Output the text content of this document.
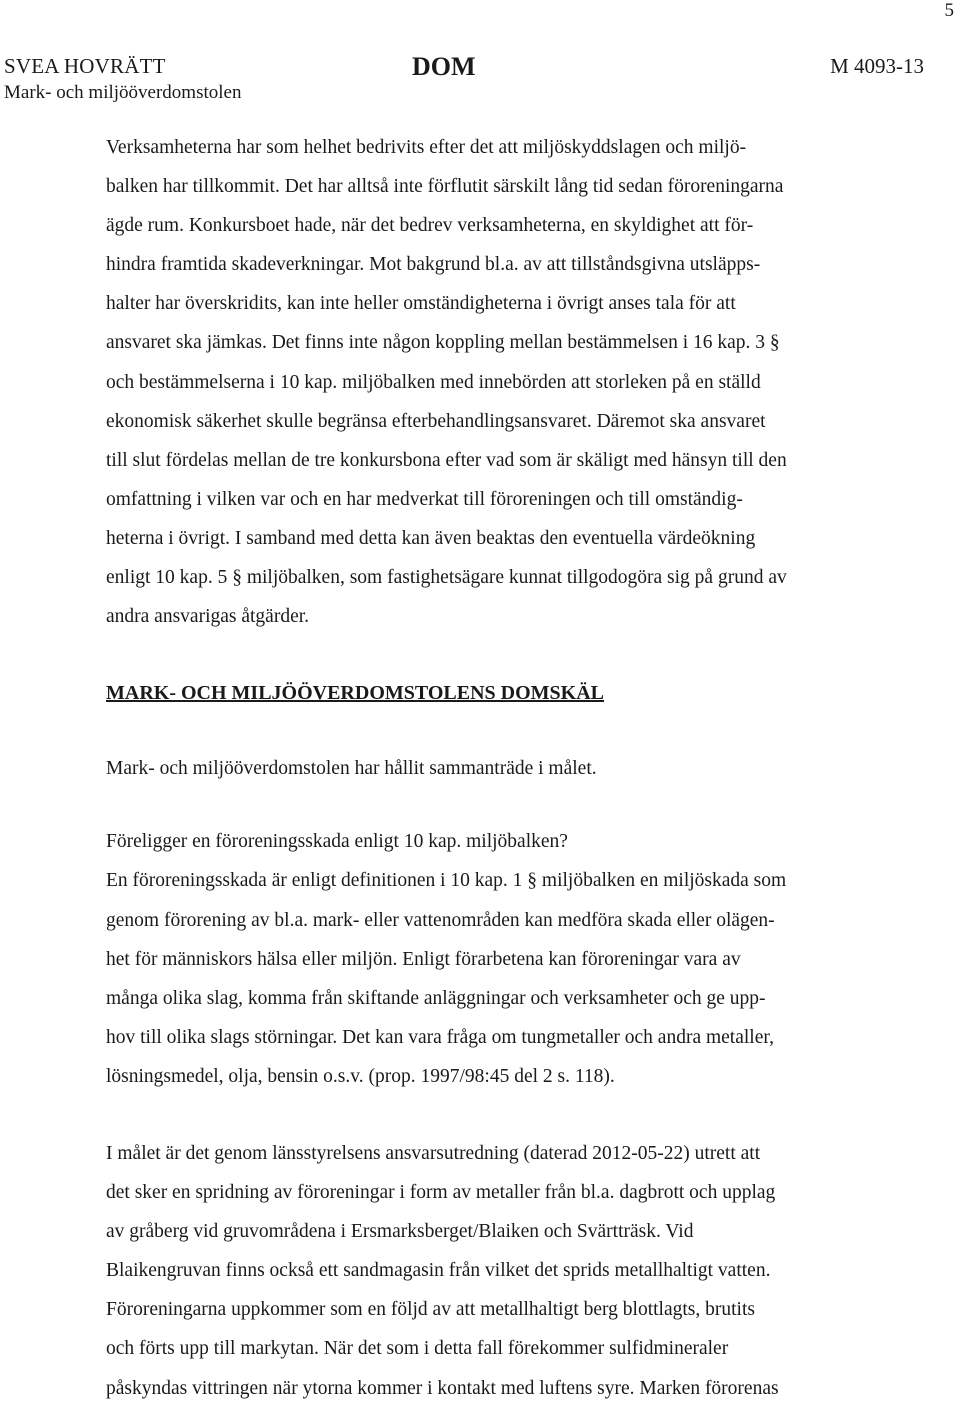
5
SVEA HOVRÄTT
Mark- och miljööverdomstolen
DOM	M 4093-13

Verksamheterna har som helhet bedrivits efter det att miljöskyddslagen och miljö-
balken har tillkommit. Det har alltså inte förflutit särskilt lång tid sedan föroreningarna
ägde rum. Konkursboet hade, när det bedrev verksamheterna, en skyldighet att för-
hindra framtida skadeverkningar. Mot bakgrund bl.a. av att tillståndsgivna utsläpps-
halter har överskridits, kan inte heller omständigheterna i övrigt anses tala för att
ansvaret ska jämkas. Det finns inte någon koppling mellan bestämmelsen i 16 kap. 3 §
och bestämmelserna i 10 kap. miljöbalken med innebörden att storleken på en ställd
ekonomisk säkerhet skulle begränsa efterbehandlingsansvaret. Däremot ska ansvaret
till slut fördelas mellan de tre konkursbona efter vad som är skäligt med hänsyn till den
omfattning i vilken var och en har medverkat till föroreningen och till omständig-
heterna i övrigt. I samband med detta kan även beaktas den eventuella värdeökning
enligt 10 kap. 5 § miljöbalken, som fastighetsägare kunnat tillgodogöra sig på grund av
andra ansvarigas åtgärder.

MARK- OCH MILJÖÖVERDOMSTOLENS DOMSKÄL

Mark- och miljööverdomstolen har hållit sammanträde i målet.

Föreligger en föroreningsskada enligt 10 kap. miljöbalken?
En föroreningsskada är enligt definitionen i 10 kap. 1 § miljöbalken en miljöskada som
genom förorening av bl.a. mark- eller vattenområden kan medföra skada eller olägen-
het för människors hälsa eller miljön. Enligt förarbetena kan föroreningar vara av
många olika slag, komma från skiftande anläggningar och verksamheter och ge upp-
hov till olika slags störningar. Det kan vara fråga om tungmetaller och andra metaller,
lösningsmedel, olja, bensin o.s.v. (prop. 1997/98:45 del 2 s. 118).

I målet är det genom länsstyrelsens ansvarsutredning (daterad 2012-05-22) utrett att
det sker en spridning av föroreningar i form av metaller från bl.a. dagbrott och upplag
av gråberg vid gruvområdena i Ersmarksberget/Blaiken och Svärtträsk. Vid
Blaikengruvan finns också ett sandmagasin från vilket det sprids metallhaltigt vatten.
Föroreningarna uppkommer som en följd av att metallhaltigt berg blottlagts, brutits
och förts upp till markytan. När det som i detta fall förekommer sulfidmineraler
påskyndas vittringen när ytorna kommer i kontakt med luftens syre. Marken förorenas
